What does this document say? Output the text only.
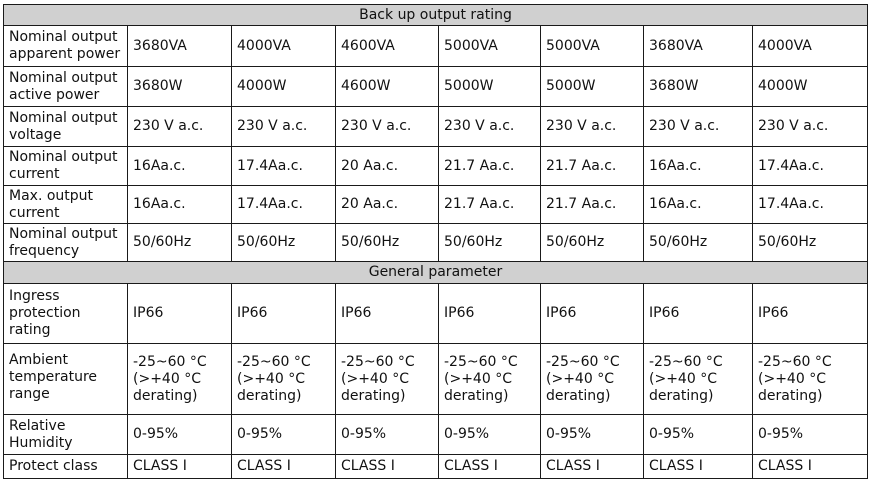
Back up output rating							
Nominal output apparent power	3680VA	4000VA	4600VA	5000VA	5000VA	3680VA	4000VA
Nominal output active power	3680W	4000W	4600W	5000W	5000W	3680W	4000W
Nominal output voltage	230 V a.c.	230 V a.c.	230 V a.c.	230 V a.c.	230 V a.c.	230 V a.c.	230 V a.c.
Nominal output current	16Aa.c.	17.4Aa.c.	20 Aa.c.	21.7 Aa.c.	21.7 Aa.c.	16Aa.c.	17.4Aa.c.
Max. output current	16Aa.c.	17.4Aa.c.	20 Aa.c.	21.7 Aa.c.	21.7 Aa.c.	16Aa.c.	17.4Aa.c.
Nominal output frequency	50/60Hz	50/60Hz	50/60Hz	50/60Hz	50/60Hz	50/60Hz	50/60Hz
General parameter							
Ingress protection rating	IP66	IP66	IP66	IP66	IP66	IP66	IP66
Ambient temperature range	-25~60 °C (>+40 °C derating)	-25~60 °C (>+40 °C derating)	-25~60 °C (>+40 °C derating)	-25~60 °C (>+40 °C derating)	-25~60 °C (>+40 °C derating)	-25~60 °C (>+40 °C derating)	-25~60 °C (>+40 °C derating)
Relative Humidity	0-95%	0-95%	0-95%	0-95%	0-95%	0-95%	0-95%
Protect class	CLASS I	CLASS I	CLASS I	CLASS I	CLASS I	CLASS I	CLASS I
